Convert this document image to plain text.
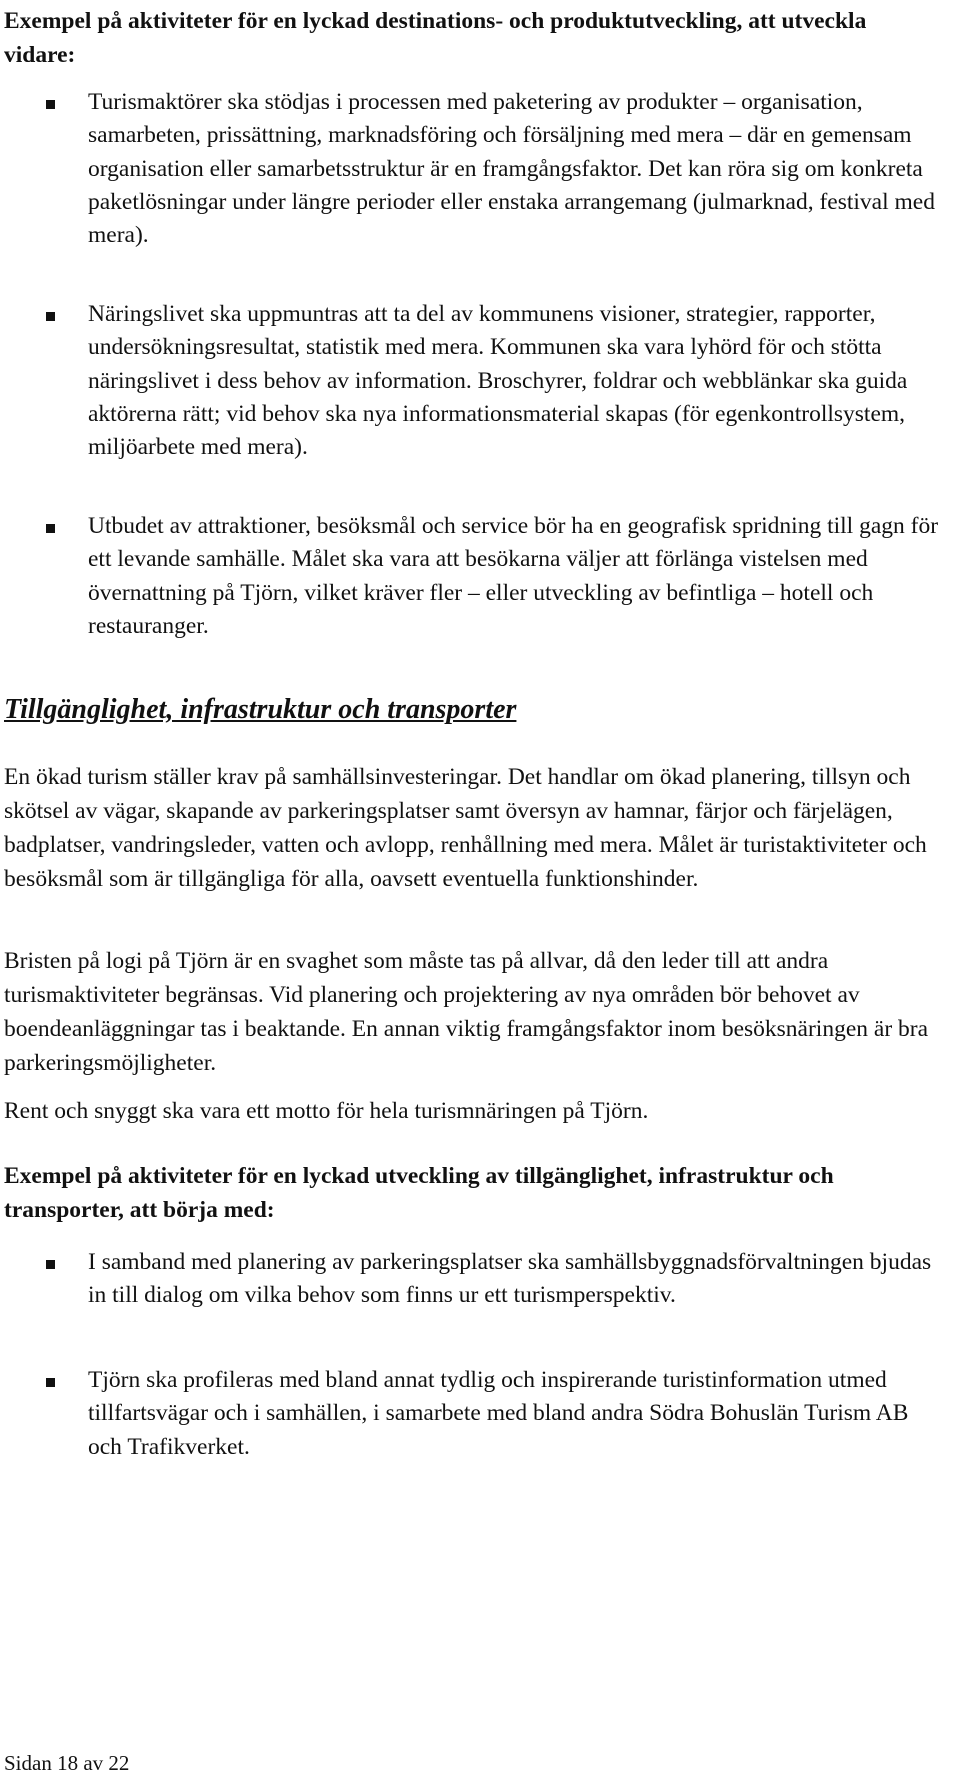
Exempel på aktiviteter för en lyckad destinations- och produktutveckling, att utveckla vidare:

Turismaktörer ska stödjas i processen med paketering av produkter – organisation, samarbeten, prissättning, marknadsföring och försäljning med mera – där en gemensam organisation eller samarbetsstruktur är en framgångsfaktor. Det kan röra sig om konkreta paketlösningar under längre perioder eller enstaka arrangemang (julmarknad, festival med mera).

Näringslivet ska uppmuntras att ta del av kommunens visioner, strategier, rapporter, undersökningsresultat, statistik med mera. Kommunen ska vara lyhörd för och stötta näringslivet i dess behov av information. Broschyrer, foldrar och webblänkar ska guida aktörerna rätt; vid behov ska nya informationsmaterial skapas (för egenkontrollsystem, miljöarbete med mera).

Utbudet av attraktioner, besöksmål och service bör ha en geografisk spridning till gagn för ett levande samhälle. Målet ska vara att besökarna väljer att förlänga vistelsen med övernattning på Tjörn, vilket kräver fler – eller utveckling av befintliga – hotell och restauranger.

Tillgänglighet, infrastruktur och transporter

En ökad turism ställer krav på samhällsinvesteringar. Det handlar om ökad planering, tillsyn och skötsel av vägar, skapande av parkeringsplatser samt översyn av hamnar, färjor och färjelägen, badplatser, vandringsleder, vatten och avlopp, renhållning med mera. Målet är turistaktiviteter och besöksmål som är tillgängliga för alla, oavsett eventuella funktionshinder.

Bristen på logi på Tjörn är en svaghet som måste tas på allvar, då den leder till att andra turismaktiviteter begränsas. Vid planering och projektering av nya områden bör behovet av boendeanläggningar tas i beaktande. En annan viktig framgångsfaktor inom besöksnäringen är bra parkeringsmöjligheter.

Rent och snyggt ska vara ett motto för hela turismnäringen på Tjörn.

Exempel på aktiviteter för en lyckad utveckling av tillgänglighet, infrastruktur och transporter, att börja med:

I samband med planering av parkeringsplatser ska samhällsbyggnadsförvaltningen bjudas in till dialog om vilka behov som finns ur ett turismperspektiv.

Tjörn ska profileras med bland annat tydlig och inspirerande turistinformation utmed tillfartsvägar och i samhällen, i samarbete med bland andra Södra Bohuslän Turism AB och Trafikverket.

Sidan 18 av 22
